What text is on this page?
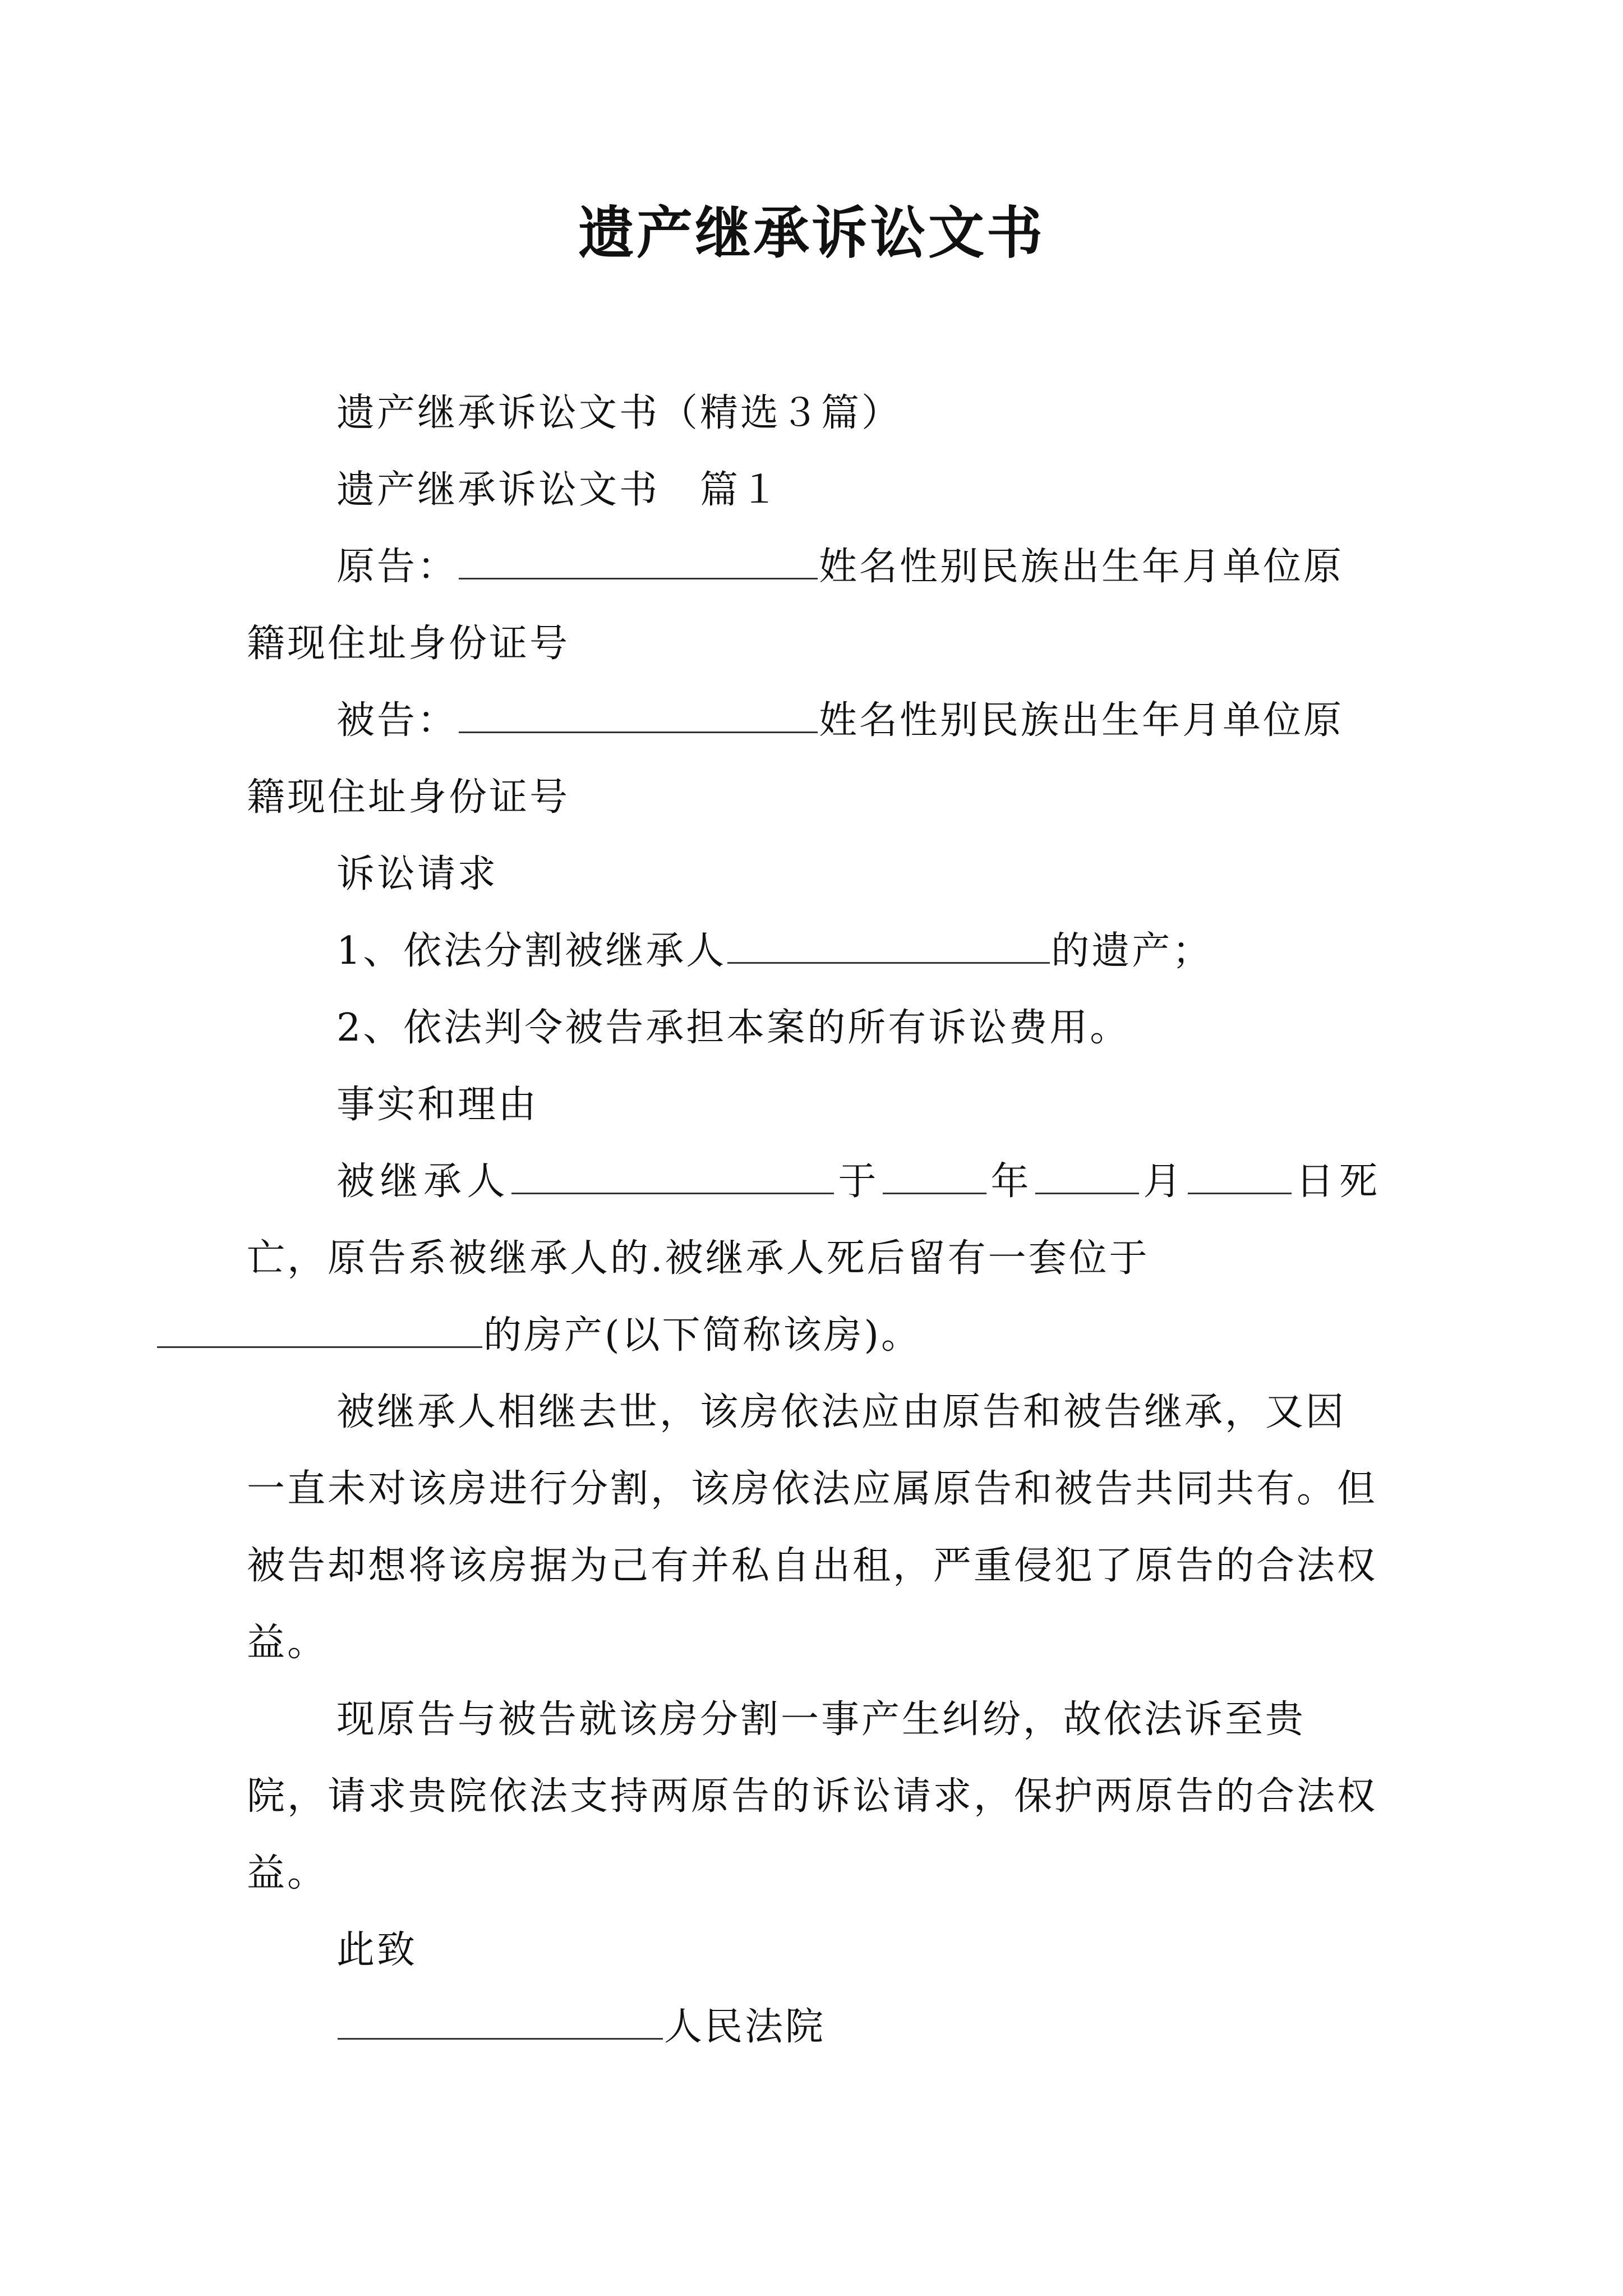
遗产继承诉讼文书

遗产继承诉讼文书（精选３篇）

遗产继承诉讼文书　篇１

原告：	姓名性别民族出生年月单位原籍现住址身份证号

被告：	姓名性别民族出生年月单位原籍现住址身份证号

诉讼请求

1、依法分割被继承人	的遗产；

2、依法判令被告承担本案的所有诉讼费用。

事实和理由

被继承人	于	年	月	日死亡，原告系被继承人的.被继承人死后留有一套位于
的房产(以下简称该房)。

被继承人相继去世，该房依法应由原告和被告继承，又因一直未对该房进行分割，该房依法应属原告和被告共同共有。但被告却想将该房据为己有并私自出租，严重侵犯了原告的合法权益。

现原告与被告就该房分割一事产生纠纷，故依法诉至贵院，请求贵院依法支持两原告的诉讼请求，保护两原告的合法权益。

此致

人民法院
